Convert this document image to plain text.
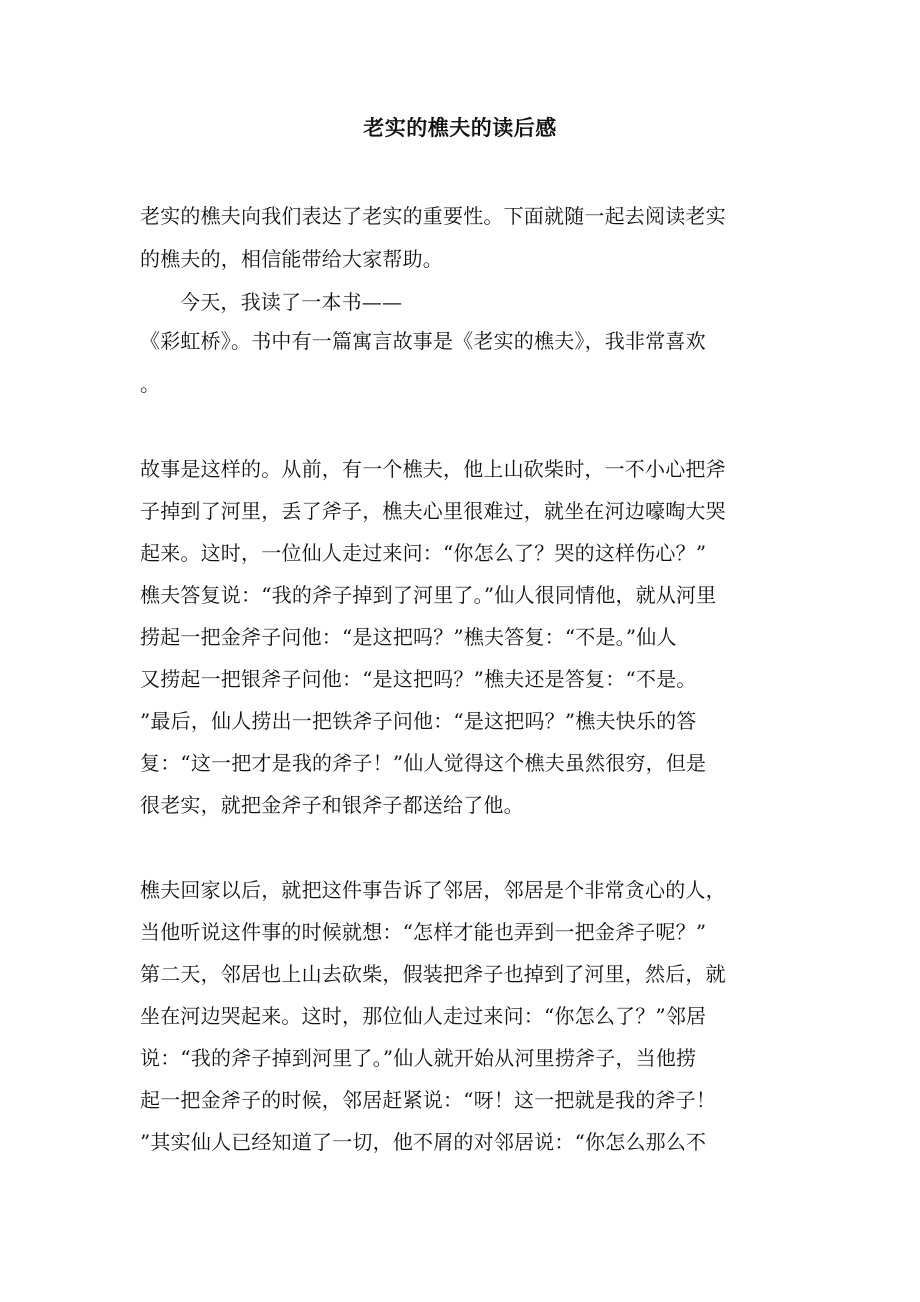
老实的樵夫的读后感
老实的樵夫向我们表达了老实的重要性。下面就随一起去阅读老实
的樵夫的，相信能带给大家帮助。
今天，我读了一本书——
《彩虹桥》。书中有一篇寓言故事是《老实的樵夫》，我非常喜欢
。
故事是这样的。从前，有一个樵夫，他上山砍柴时，一不小心把斧
子掉到了河里，丢了斧子，樵夫心里很难过，就坐在河边嚎啕大哭
起来。这时，一位仙人走过来问：“你怎么了？哭的这样伤心？”
樵夫答复说：“我的斧子掉到了河里了。”仙人很同情他，就从河里
捞起一把金斧子问他：“是这把吗？”樵夫答复：“不是。”仙人
又捞起一把银斧子问他：“是这把吗？”樵夫还是答复：“不是。
”最后，仙人捞出一把铁斧子问他：“是这把吗？”樵夫快乐的答
复：“这一把才是我的斧子！”仙人觉得这个樵夫虽然很穷，但是
很老实，就把金斧子和银斧子都送给了他。
樵夫回家以后，就把这件事告诉了邻居，邻居是个非常贪心的人，
当他听说这件事的时候就想：“怎样才能也弄到一把金斧子呢？”
第二天，邻居也上山去砍柴，假装把斧子也掉到了河里，然后，就
坐在河边哭起来。这时，那位仙人走过来问：“你怎么了？”邻居
说：“我的斧子掉到河里了。”仙人就开始从河里捞斧子，当他捞
起一把金斧子的时候，邻居赶紧说：“呀！这一把就是我的斧子！
”其实仙人已经知道了一切，他不屑的对邻居说：“你怎么那么不
